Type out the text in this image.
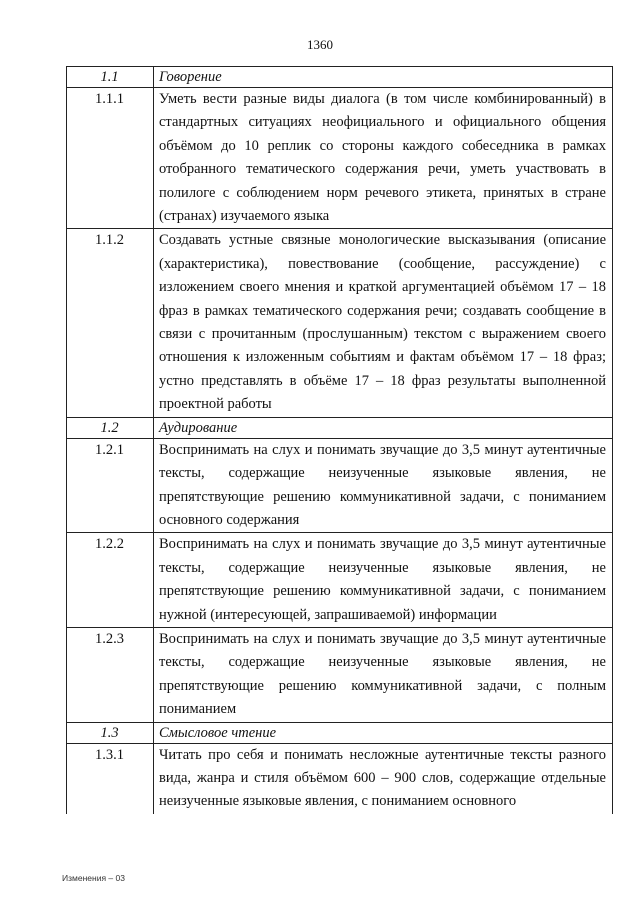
1360
1.1	Говорение
1.1.1	Уметь вести разные виды диалога (в том числе комбинированный) в стандартных ситуациях неофициального и официального общения объёмом до 10 реплик со стороны каждого собеседника в рамках отобранного тематического содержания речи, уметь участвовать в полилоге с соблюдением норм речевого этикета, принятых в стране (странах) изучаемого языка
1.1.2	Создавать устные связные монологические высказывания (описание (характеристика), повествование (сообщение, рассуждение) с изложением своего мнения и краткой аргументацией объёмом 17 – 18 фраз в рамках тематического содержания речи; создавать сообщение в связи с прочитанным (прослушанным) текстом с выражением своего отношения к изложенным событиям и фактам объёмом 17 – 18 фраз; устно представлять в объёме 17 – 18 фраз результаты выполненной проектной работы
1.2	Аудирование
1.2.1	Воспринимать на слух и понимать звучащие до 3,5 минут аутентичные тексты, содержащие неизученные языковые явления, не препятствующие решению коммуникативной задачи, с пониманием основного содержания
1.2.2	Воспринимать на слух и понимать звучащие до 3,5 минут аутентичные тексты, содержащие неизученные языковые явления, не препятствующие решению коммуникативной задачи, с пониманием нужной (интересующей, запрашиваемой) информации
1.2.3	Воспринимать на слух и понимать звучащие до 3,5 минут аутентичные тексты, содержащие неизученные языковые явления, не препятствующие решению коммуникативной задачи, с полным пониманием
1.3	Смысловое чтение
1.3.1	Читать про себя и понимать несложные аутентичные тексты разного вида, жанра и стиля объёмом 600 – 900 слов, содержащие отдельные неизученные языковые явления, с пониманием основного
Изменения – 03
